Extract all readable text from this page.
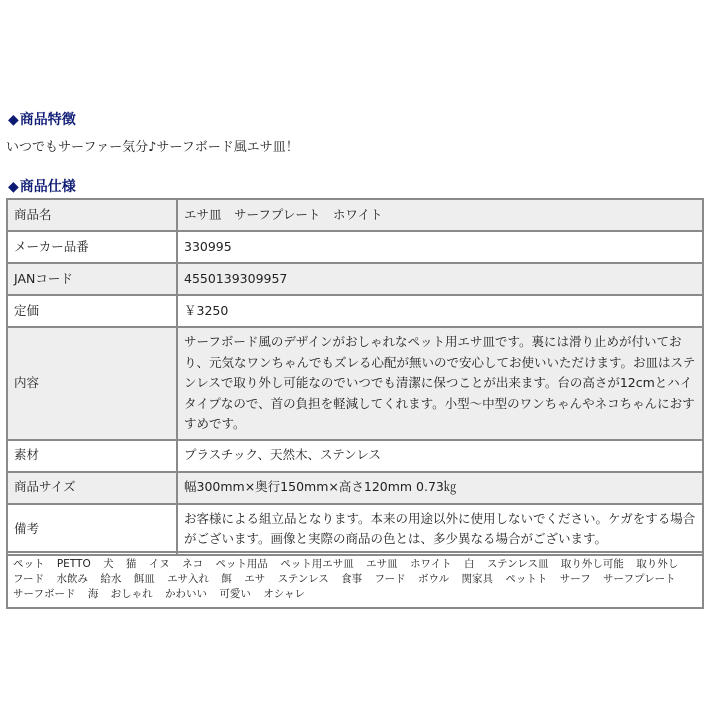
◆商品特徴
いつでもサーファー気分♪サーフボード風エサ皿！
◆商品仕様
商品名	エサ皿　サーフプレート　ホワイト
メーカー品番	330995
JANコード	4550139309957
定価	￥3250
内容	サーフボード風のデザインがおしゃれなペット用エサ皿です。裏には滑り止めが付いており、元気なワンちゃんでもズレる心配が無いので安心してお使いいただけます。お皿はステンレスで取り外し可能なのでいつでも清潔に保つことが出来ます。台の高さが12cmとハイタイプなので、首の負担を軽減してくれます。小型～中型のワンちゃんやネコちゃんにおすすめです。
素材	プラスチック、天然木、ステンレス
商品サイズ	幅300mm×奥行150mm×高さ120mm 0.73㎏
備考	お客様による組立品となります。本来の用途以外に使用しないでください。ケガをする場合がございます。画像と実際の商品の色とは、多少異なる場合がございます。
ペット PETTO 犬 猫 イヌ ネコ ペット用品 ペット用エサ皿 エサ皿 ホワイト 白 ステンレス皿 取り外し可能 取り外し フード 水飲み 給水 餌皿 エサ入れ 餌 エサ ステンレス 食事 フード ボウル 関家具 ペットト サーフ サーフプレート サーフボード 海 おしゃれ かわいい 可愛い オシャレ
